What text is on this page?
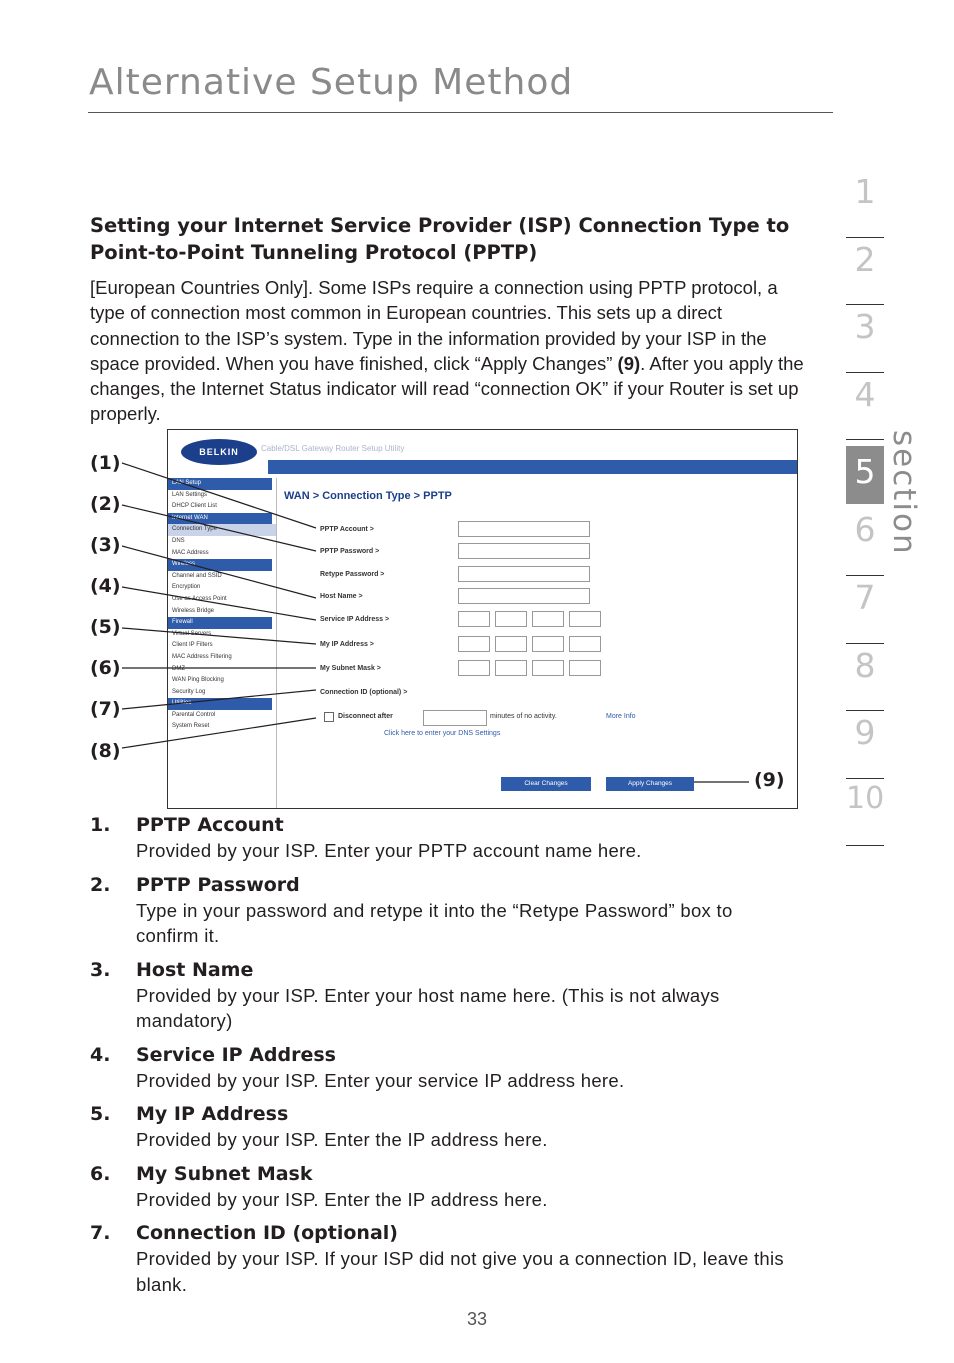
Alternative Setup Method
Setting your Internet Service Provider (ISP) Connection Type to Point-to-Point Tunneling Protocol (PPTP)
[European Countries Only]. Some ISPs require a connection using PPTP protocol, a type of connection most common in European countries. This sets up a direct connection to the ISP’s system. Type in the information provided by your ISP in the space provided. When you have finished, click “Apply Changes” (9). After you apply the changes, the Internet Status indicator will read “connection OK” if your Router is set up properly.
1
2
3
4
5
6
7
8
9
10
section
BELKIN	Cable/DSL Gateway Router Setup Utility
Home | Help | Logout Internet Status
LAN Setup
LAN Settings
DHCP Client List
Internet WAN
Connection Type
DNS
MAC Address
Wireless
Channel and SSID
Encryption
Use as Access Point
Wireless Bridge
Firewall
Virtual Servers
Client IP Filters
MAC Address Filtering
DMZ
WAN Ping Blocking
Security Log
Utilities
Parental Control
System Reset
WAN > Connection Type > PPTP
PPTP Account >
PPTP Password >
Retype Password >
Host Name >
Service IP Address >
My IP Address >
My Subnet Mask >
Connection ID (optional) >
Disconnect after	minutes of no activity.	More Info
Click here to enter your DNS Settings
Clear Changes	Apply Changes
(1)
(2)
(3)
(4)
(5)
(6)
(7)
(8)
(9)
1. PPTP Account
Provided by your ISP. Enter your PPTP account name here.
2. PPTP Password
Type in your password and retype it into the “Retype Password” box to confirm it.
3. Host Name
Provided by your ISP. Enter your host name here. (This is not always mandatory)
4. Service IP Address
Provided by your ISP. Enter your service IP address here.
5. My IP Address
Provided by your ISP. Enter the IP address here.
6. My Subnet Mask
Provided by your ISP. Enter the IP address here.
7. Connection ID (optional)
Provided by your ISP. If your ISP did not give you a connection ID, leave this blank.
33
